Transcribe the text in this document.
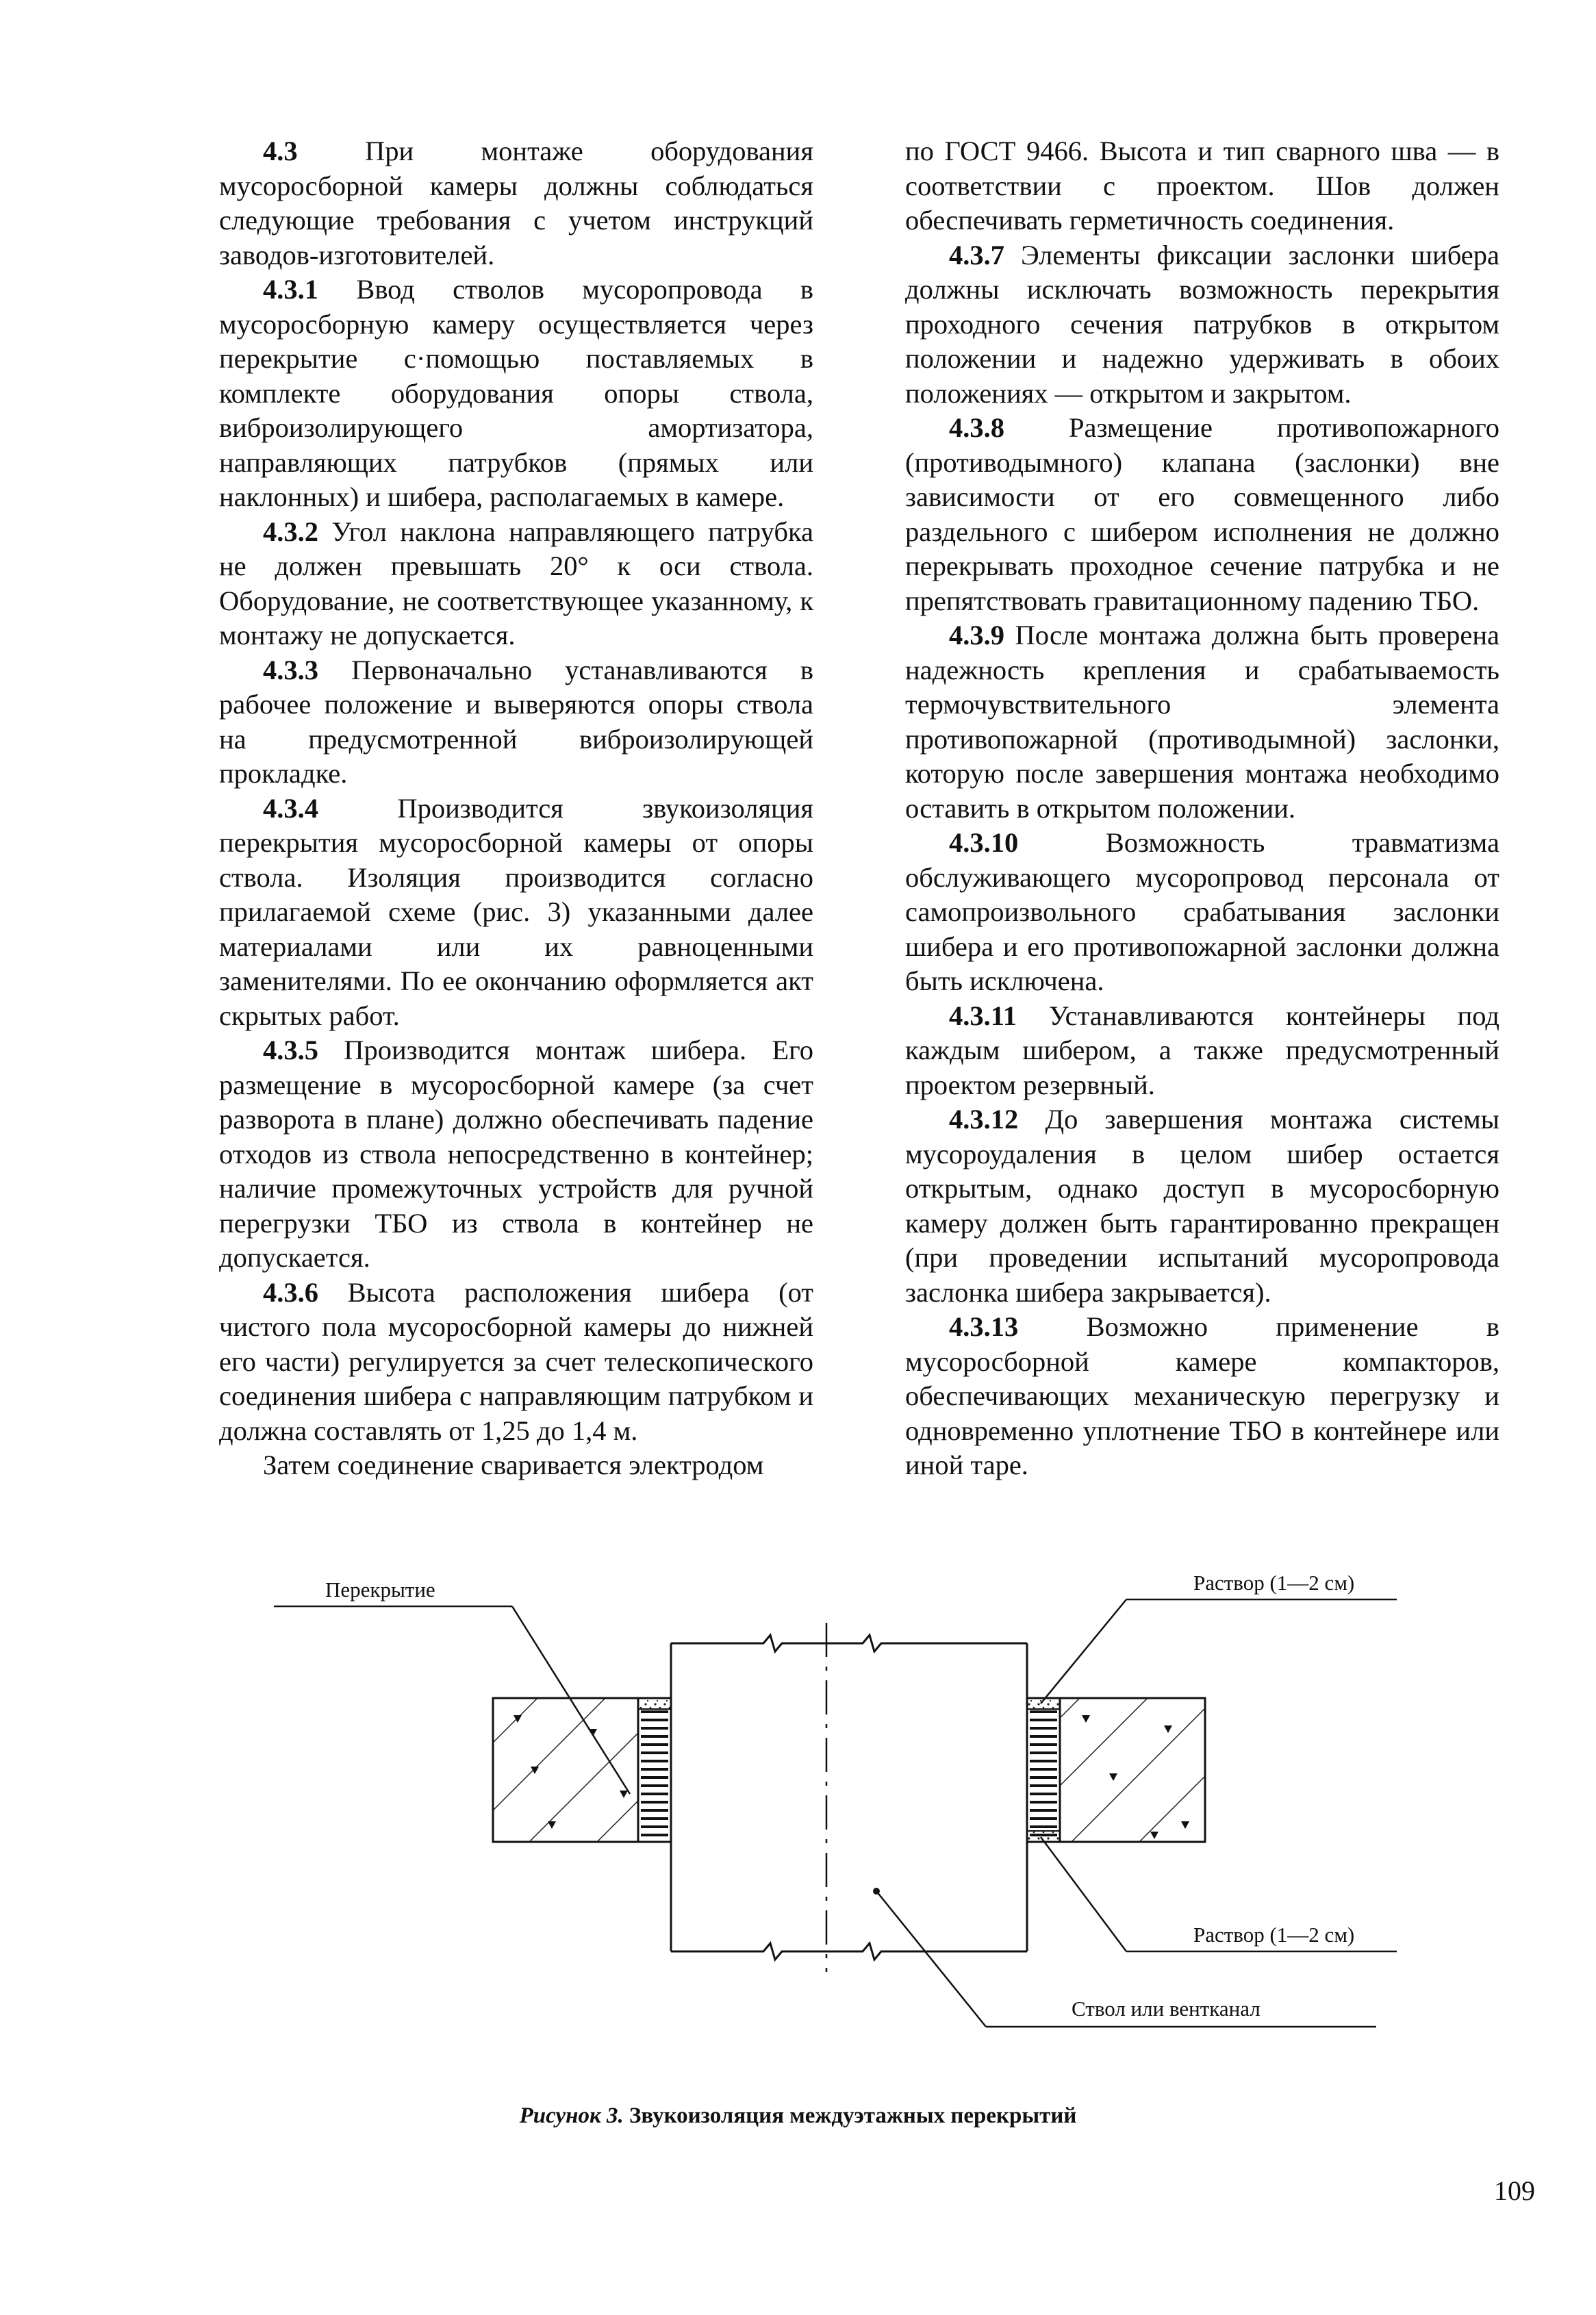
4.3 При монтаже оборудования мусоросборной камеры должны соблюдаться следующие требования с учетом инструкций заводов-изготовителей.

4.3.1 Ввод стволов мусоропровода в мусоросборную камеру осуществляется через перекрытие с·помощью поставляемых в комплекте оборудования опоры ствола, виброизолирующего амортизатора, направляющих патрубков (прямых или наклонных) и шибера, располагаемых в камере.

4.3.2 Угол наклона направляющего патрубка не должен превышать 20° к оси ствола. Оборудование, не соответствующее указанному, к монтажу не допускается.

4.3.3 Первоначально устанавливаются в рабочее положение и выверяются опоры ствола на предусмотренной виброизолирующей прокладке.

4.3.4 Производится звукоизоляция перекрытия мусоросборной камеры от опоры ствола. Изоляция производится согласно прилагаемой схеме (рис. 3) указанными далее материалами или их равноценными заменителями. По ее окончанию оформляется акт скрытых работ.

4.3.5 Производится монтаж шибера. Его размещение в мусоросборной камере (за счет разворота в плане) должно обеспечивать падение отходов из ствола непосредственно в контейнер; наличие промежуточных устройств для ручной перегрузки ТБО из ствола в контейнер не допускается.

4.3.6 Высота расположения шибера (от чистого пола мусоросборной камеры до нижней его части) регулируется за счет телескопического соединения шибера с направляющим патрубком и должна составлять от 1,25 до 1,4 м.

Затем соединение сваривается электродом

по ГОСТ 9466. Высота и тип сварного шва — в соответствии с проектом. Шов должен обеспечивать герметичность соединения.

4.3.7 Элементы фиксации заслонки шибера должны исключать возможность перекрытия проходного сечения патрубков в открытом положении и надежно удерживать в обоих положениях — открытом и закрытом.

4.3.8 Размещение противопожарного (противодымного) клапана (заслонки) вне зависимости от его совмещенного либо раздельного с шибером исполнения не должно перекрывать проходное сечение патрубка и не препятствовать гравитационному падению ТБО.

4.3.9 После монтажа должна быть проверена надежность крепления и срабатываемость термочувствительного элемента противопожарной (противодымной) заслонки, которую после завершения монтажа необходимо оставить в открытом положении.

4.3.10 Возможность травматизма обслуживающего мусоропровод персонала от самопроизвольного срабатывания заслонки шибера и его противопожарной заслонки должна быть исключена.

4.3.11 Устанавливаются контейнеры под каждым шибером, а также предусмотренный проектом резервный.

4.3.12 До завершения монтажа системы мусороудаления в целом шибер остается открытым, однако доступ в мусоросборную камеру должен быть гарантированно прекращен (при проведении испытаний мусоропровода заслонка шибера закрывается).

4.3.13 Возможно применение в мусоросборной камере компакторов, обеспечивающих механическую перегрузку и одновременно уплотнение ТБО в контейнере или иной таре.

Перекрытие	Раствор (1—2 см)
Раствор (1—2 см)
Ствол или вентканал
Рисунок 3. Звукоизоляция междуэтажных перекрытий
109
